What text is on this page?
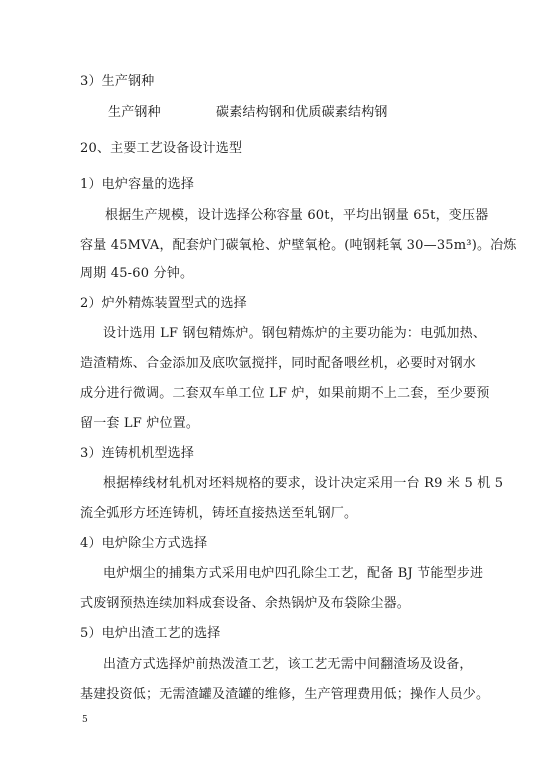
3）生产钢种
生产钢种	碳素结构钢和优质碳素结构钢
20、主要工艺设备设计选型
1）电炉容量的选择
根据生产规模，设计选择公称容量 60t，平均出钢量 65t，变压器
容量 45MVA，配套炉门碳氧枪、炉壁氧枪。(吨钢耗氧 30—35m³)。冶炼
周期 45-60 分钟。
2）炉外精炼装置型式的选择
设计选用 LF 钢包精炼炉。钢包精炼炉的主要功能为：电弧加热、
造渣精炼、合金添加及底吹氩搅拌，同时配备喂丝机，必要时对钢水
成分进行微调。二套双车单工位 LF 炉，如果前期不上二套，至少要预
留一套 LF 炉位置。
3）连铸机机型选择
根据棒线材轧机对坯料规格的要求，设计决定采用一台 R9 米 5 机 5
流全弧形方坯连铸机，铸坯直接热送至轧钢厂。
4）电炉除尘方式选择
电炉烟尘的捕集方式采用电炉四孔除尘工艺，配备 BJ 节能型步进
式废钢预热连续加料成套设备、余热锅炉及布袋除尘器。
5）电炉出渣工艺的选择
出渣方式选择炉前热泼渣工艺，该工艺无需中间翻渣场及设备，
基建投资低；无需渣罐及渣罐的维修，生产管理费用低；操作人员少。
5
